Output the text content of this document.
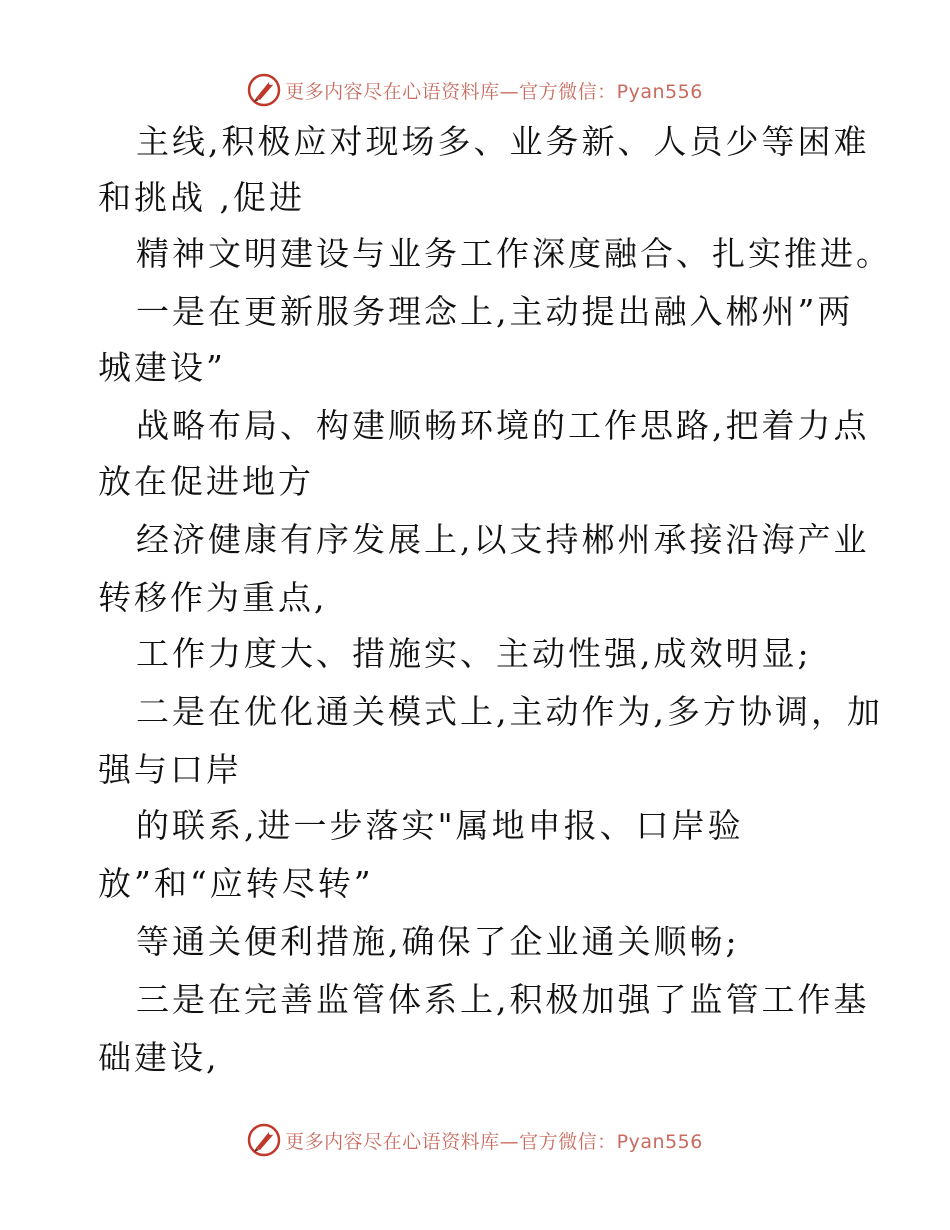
更多内容尽在心语资料库—官方微信：Pyan556
主线,积极应对现场多、业务新、人员少等困难
和挑战 ,促进
精神文明建设与业务工作深度融合、扎实推进。
一是在更新服务理念上,主动提出融入郴州”两
城建设”
战略布局、构建顺畅环境的工作思路,把着力点
放在促进地方
经济健康有序发展上,以支持郴州承接沿海产业
转移作为重点,
工作力度大、措施实、主动性强,成效明显;
二是在优化通关模式上,主动作为,多方协调，加
强与口岸
的联系,进一步落实"属地申报、口岸验
放”和“应转尽转”
等通关便利措施,确保了企业通关顺畅;
三是在完善监管体系上,积极加强了监管工作基
础建设,
更多内容尽在心语资料库—官方微信：Pyan556
